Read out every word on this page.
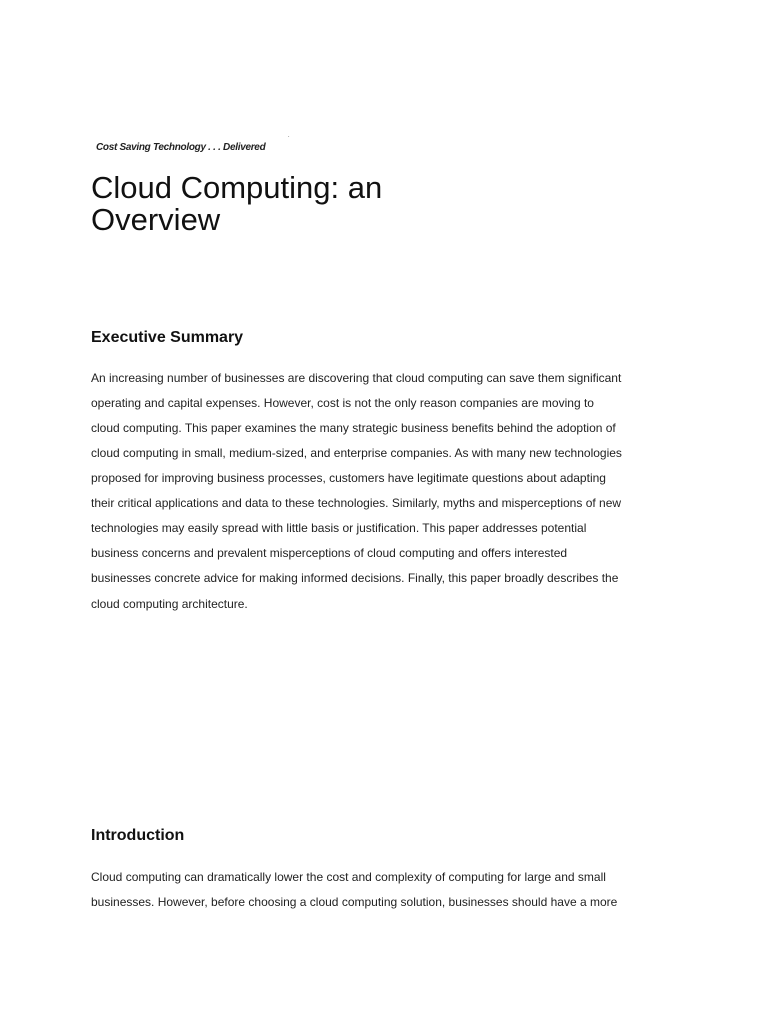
Cost Saving Technology . . . Delivered
Cloud Computing: an
Overview
Executive Summary
An increasing number of businesses are discovering that cloud computing can save them significant
operating and capital expenses. However, cost is not the only reason companies are moving to
cloud computing. This paper examines the many strategic business benefits behind the adoption of
cloud computing in small, medium-sized, and enterprise companies. As with many new technologies
proposed for improving business processes, customers have legitimate questions about adapting
their critical applications and data to these technologies. Similarly, myths and misperceptions of new
technologies may easily spread with little basis or justification. This paper addresses potential
business concerns and prevalent misperceptions of cloud computing and offers interested
businesses concrete advice for making informed decisions. Finally, this paper broadly describes the
cloud computing architecture.
Introduction
Cloud computing can dramatically lower the cost and complexity of computing for large and small
businesses. However, before choosing a cloud computing solution, businesses should have a more
